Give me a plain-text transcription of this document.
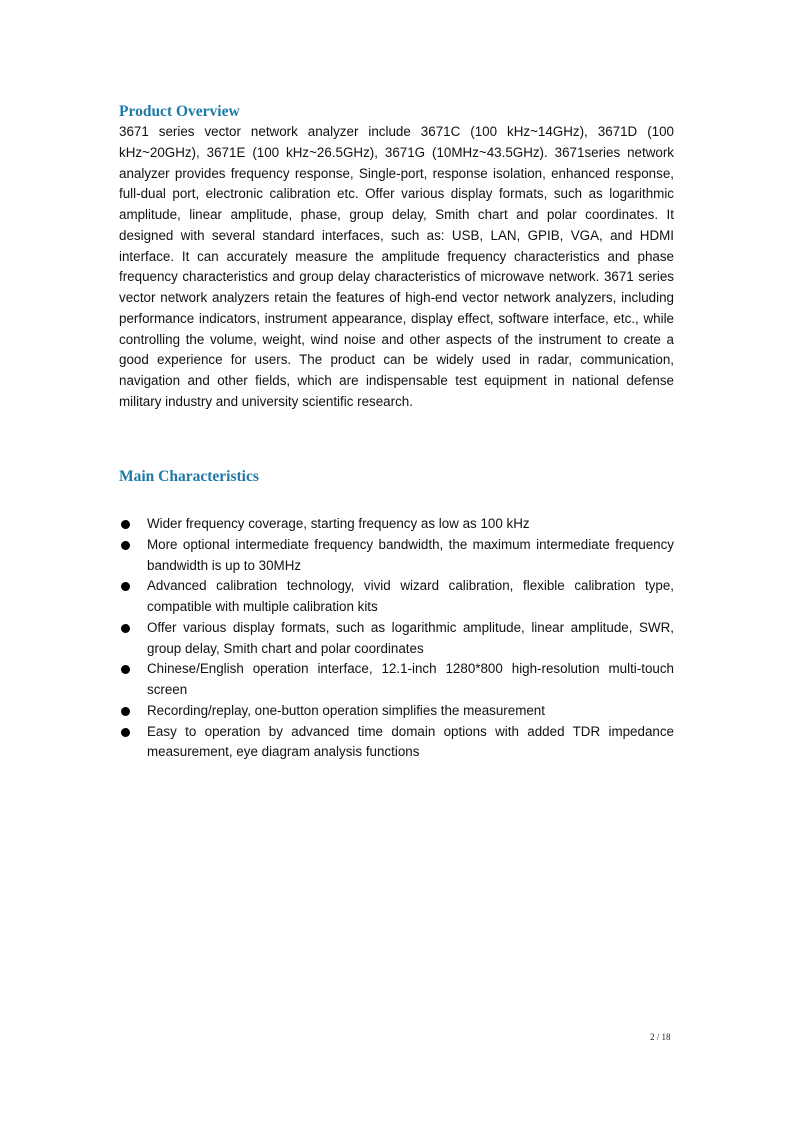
Product Overview

3671 series vector network analyzer include 3671C (100 kHz~14GHz), 3671D (100 kHz~20GHz), 3671E (100 kHz~26.5GHz), 3671G (10MHz~43.5GHz). 3671series network analyzer provides frequency response, Single-port, response isolation, enhanced response, full-dual port, electronic calibration etc. Offer various display formats, such as logarithmic amplitude, linear amplitude, phase, group delay, Smith chart and polar coordinates. It designed with several standard interfaces, such as: USB, LAN, GPIB, VGA, and HDMI interface. It can accurately measure the amplitude frequency characteristics and phase frequency characteristics and group delay characteristics of microwave network. 3671 series vector network analyzers retain the features of high-end vector network analyzers, including performance indicators, instrument appearance, display effect, software interface, etc., while controlling the volume, weight, wind noise and other aspects of the instrument to create a good experience for users. The product can be widely used in radar, communication, navigation and other fields, which are indispensable test equipment in national defense military industry and university scientific research.

Main Characteristics
Wider frequency coverage, starting frequency as low as 100 kHz
More optional intermediate frequency bandwidth, the maximum intermediate frequency bandwidth is up to 30MHz
Advanced calibration technology, vivid wizard calibration, flexible calibration type, compatible with multiple calibration kits
Offer various display formats, such as logarithmic amplitude, linear amplitude, SWR, group delay, Smith chart and polar coordinates
Chinese/English operation interface, 12.1-inch 1280*800 high-resolution multi-touch screen
Recording/replay, one-button operation simplifies the measurement
Easy to operation by advanced time domain options with added TDR impedance measurement, eye diagram analysis functions
2 / 18
